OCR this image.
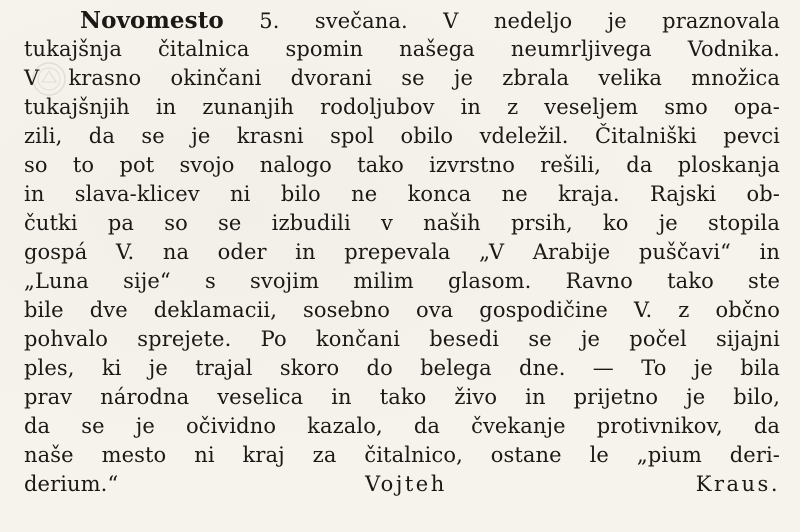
Novomesto 5. svečana. V nedeljo je praznovala
tukajšnja čitalnica spomin našega neumrljivega Vodnika.
V krasno okinčani dvorani se je zbrala velika množica
tukajšnjih in zunanjih rodoljubov in z veseljem smo opa-
zili, da se je krasni spol obilo vdeležil. Čitalniški pevci
so to pot svojo nalogo tako izvrstno rešili, da ploskanja
in slava-klicev ni bilo ne konca ne kraja. Rajski ob-
čutki pa so se izbudili v naših prsih, ko je stopila
gospá V. na oder in prepevala „V Arabije puščavi“ in
„Luna sije“ s svojim milim glasom. Ravno tako ste
bile dve deklamacii, sosebno ova gospodičine V. z občno
pohvalo sprejete. Po končani besedi se je počel sijajni
ples, ki je trajal skoro do belega dne. — To je bila
prav národna veselica in tako živo in prijetno je bilo,
da se je očividno kazalo, da čvekanje protivnikov, da
naše mesto ni kraj za čitalnico, ostane le „pium deri-
derium.“	Vojteh Kraus.
